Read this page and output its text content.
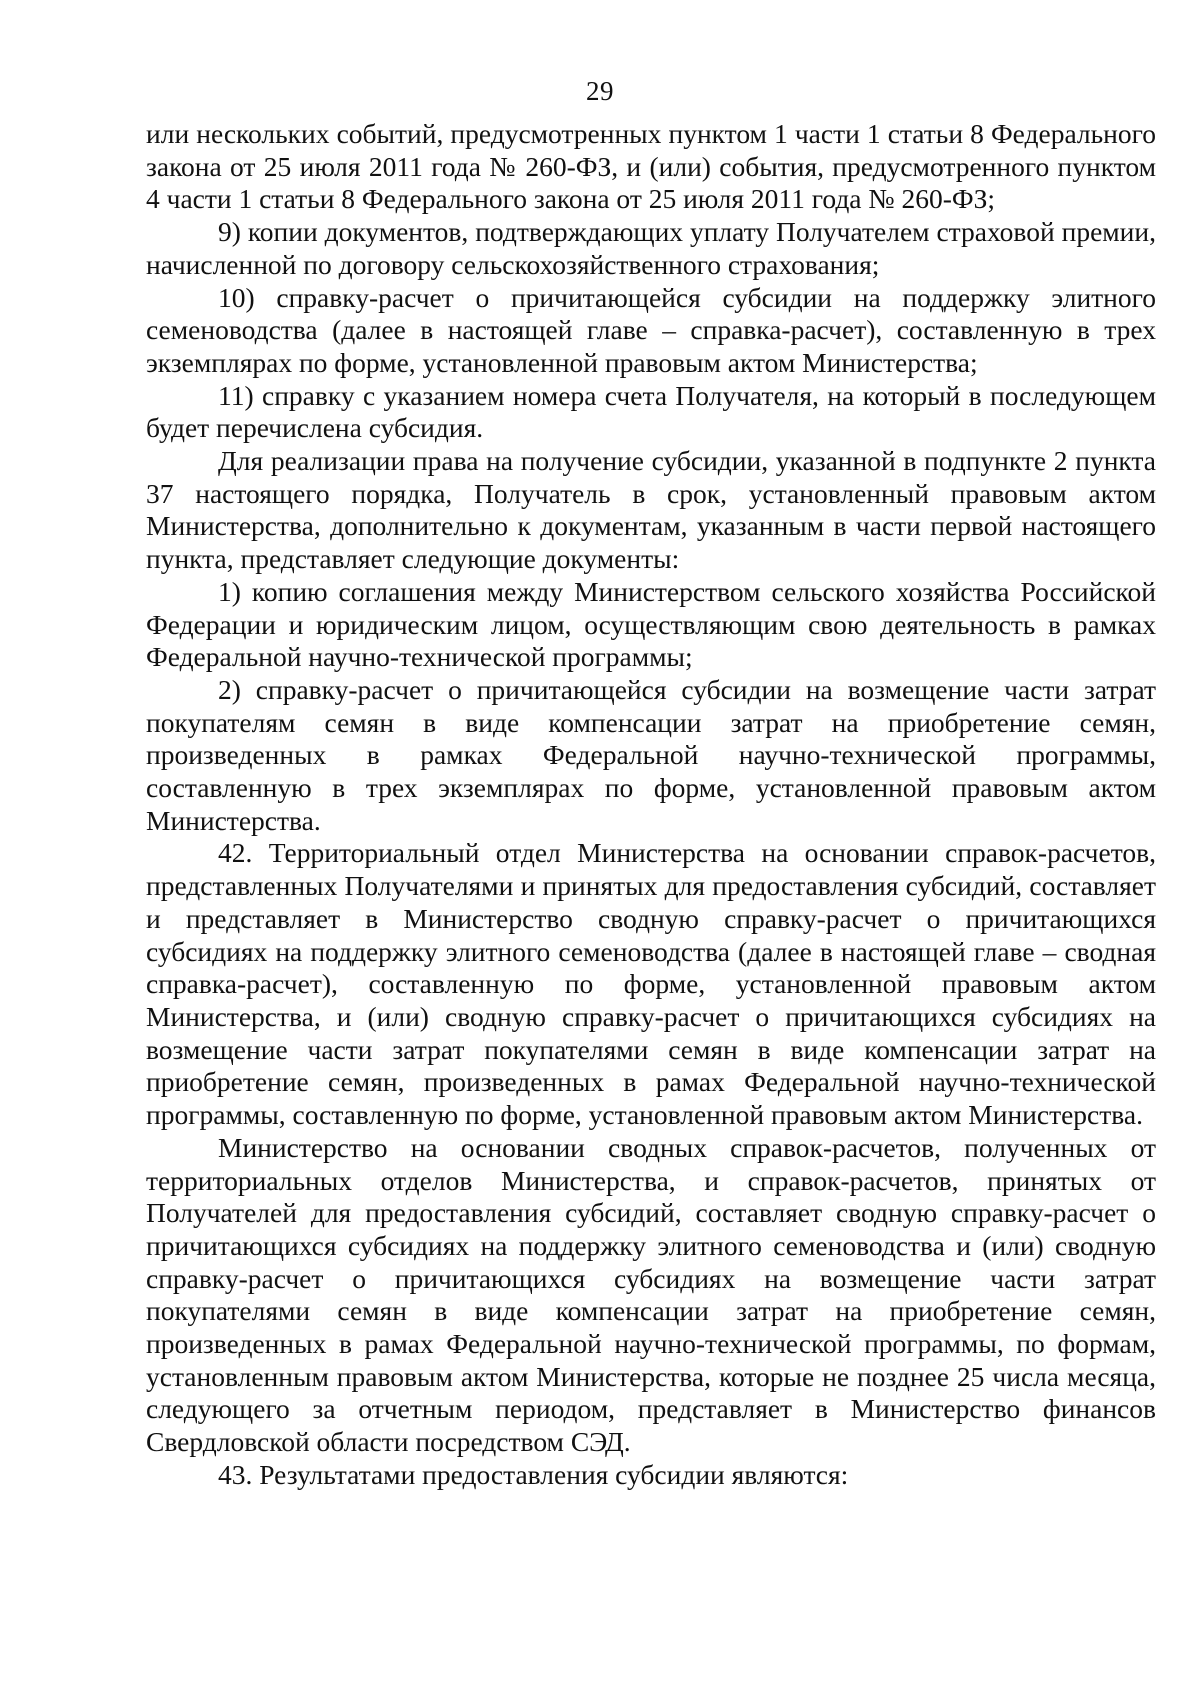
29

или нескольких событий, предусмотренных пунктом 1 части 1 статьи 8 Федерального закона от 25 июля 2011 года № 260-ФЗ, и (или) события, предусмотренного пунктом 4 части 1 статьи 8 Федерального закона от 25 июля 2011 года № 260-ФЗ;

9) копии документов, подтверждающих уплату Получателем страховой премии, начисленной по договору сельскохозяйственного страхования;

10) справку-расчет о причитающейся субсидии на поддержку элитного семеноводства (далее в настоящей главе – справка-расчет), составленную в трех экземплярах по форме, установленной правовым актом Министерства;

11) справку с указанием номера счета Получателя, на который в последующем будет перечислена субсидия.

Для реализации права на получение субсидии, указанной в подпункте 2 пункта 37 настоящего порядка, Получатель в срок, установленный правовым актом Министерства, дополнительно к документам, указанным в части первой настоящего пункта, представляет следующие документы:

1) копию соглашения между Министерством сельского хозяйства Российской Федерации и юридическим лицом, осуществляющим свою деятельность в рамках Федеральной научно-технической программы;

2) справку-расчет о причитающейся субсидии на возмещение части затрат покупателям семян в виде компенсации затрат на приобретение семян, произведенных в рамках Федеральной научно-технической программы, составленную в трех экземплярах по форме, установленной правовым актом Министерства.

42. Территориальный отдел Министерства на основании справок-расчетов, представленных Получателями и принятых для предоставления субсидий, составляет и представляет в Министерство сводную справку-расчет о причитающихся субсидиях на поддержку элитного семеноводства (далее в настоящей главе – сводная справка-расчет), составленную по форме, установленной правовым актом Министерства, и (или) сводную справку-расчет о причитающихся субсидиях на возмещение части затрат покупателями семян в виде компенсации затрат на приобретение семян, произведенных в рамах Федеральной научно-технической программы, составленную по форме, установленной правовым актом Министерства.

Министерство на основании сводных справок-расчетов, полученных от территориальных отделов Министерства, и справок-расчетов, принятых от Получателей для предоставления субсидий, составляет сводную справку-расчет о причитающихся субсидиях на поддержку элитного семеноводства и (или) сводную справку-расчет о причитающихся субсидиях на возмещение части затрат покупателями семян в виде компенсации затрат на приобретение семян, произведенных в рамах Федеральной научно-технической программы, по формам, установленным правовым актом Министерства, которые не позднее 25 числа месяца, следующего за отчетным периодом, представляет в Министерство финансов Свердловской области посредством СЭД.

43. Результатами предоставления субсидии являются:
